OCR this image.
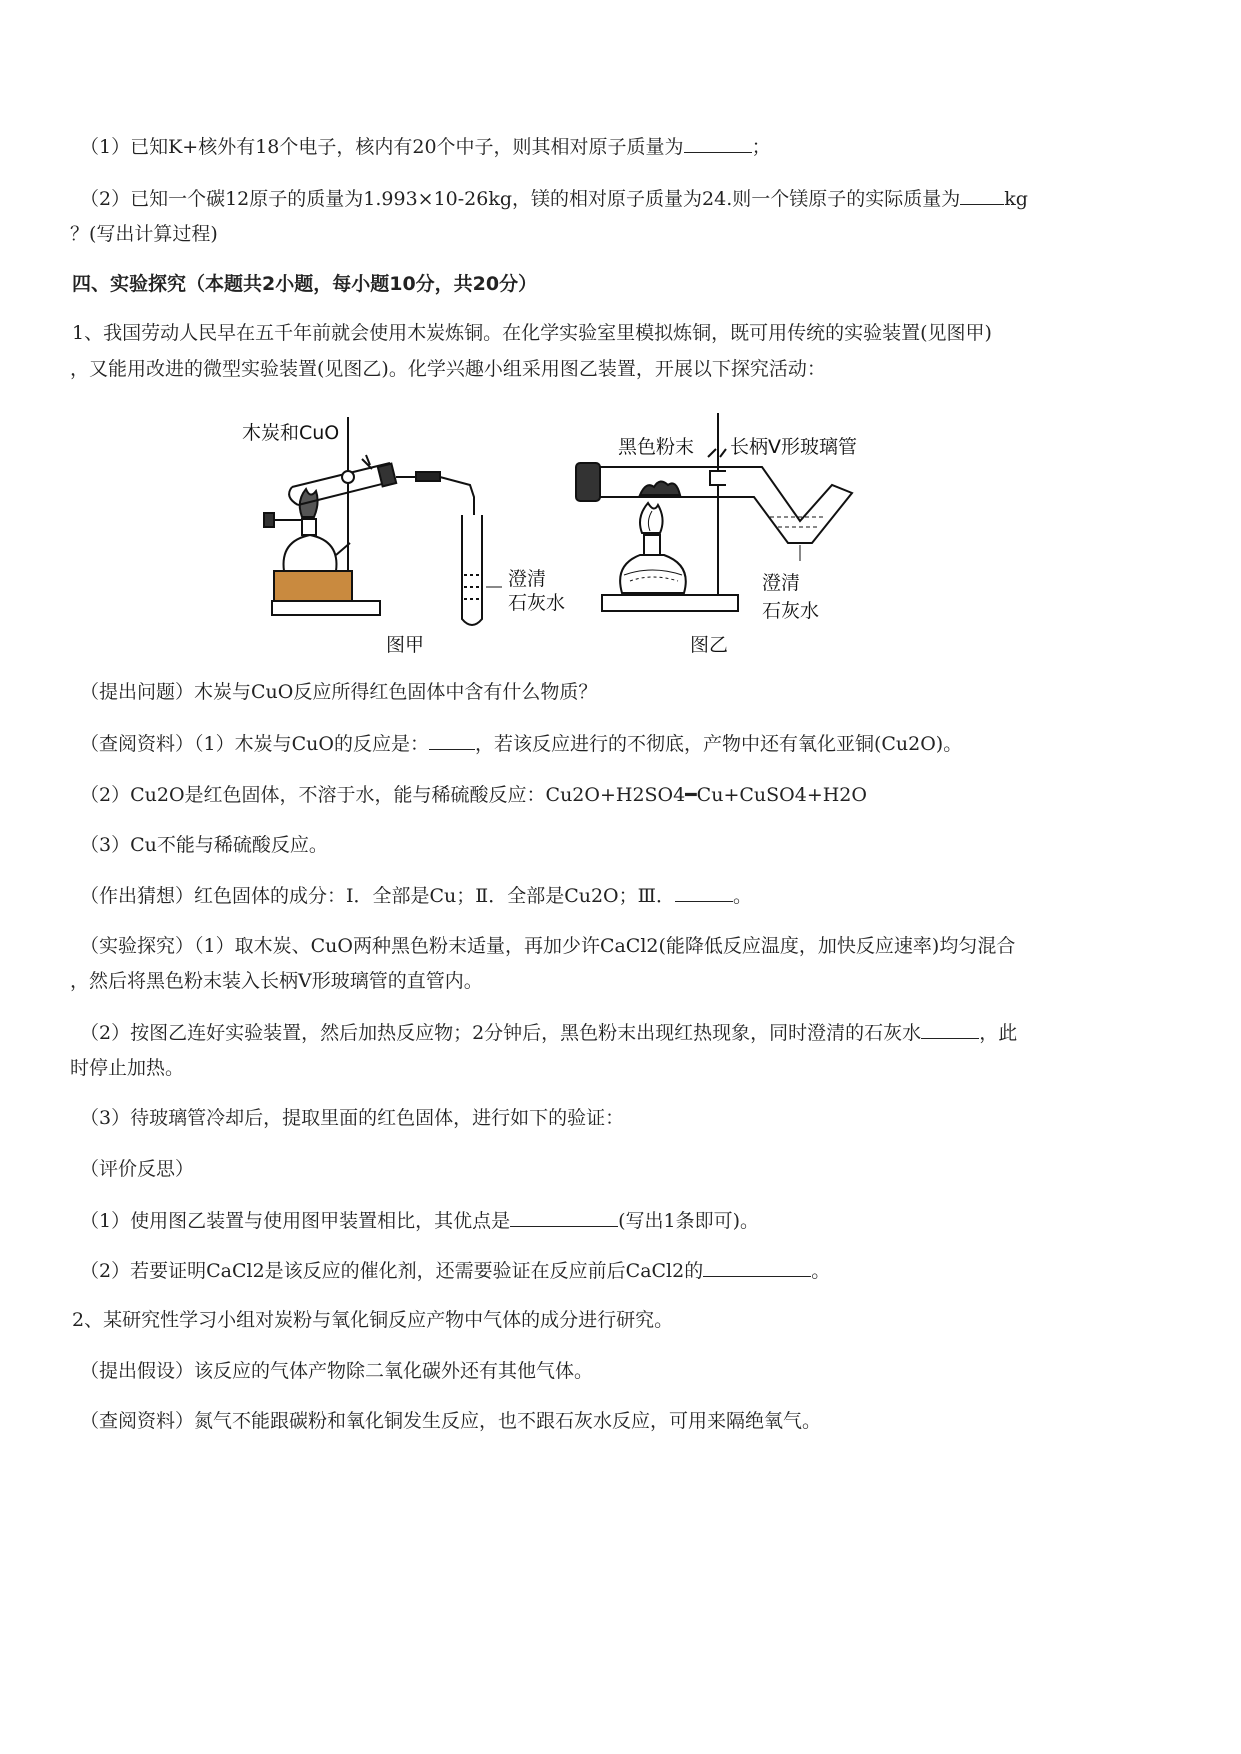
（1）已知K+核外有18个电子，核内有20个中子，则其相对原子质量为	；
（2）已知一个碳12原子的质量为1.993×10-26kg，镁的相对原子质量为24.则一个镁原子的实际质量为 kg
？(写出计算过程)
四、实验探究（本题共2小题，每小题10分，共20分）
1、我国劳动人民早在五千年前就会使用木炭炼铜。在化学实验室里模拟炼铜，既可用传统的实验装置(见图甲)
，又能用改进的微型实验装置(见图乙)。化学兴趣小组采用图乙装置，开展以下探究活动：
木炭和CuO
澄清
石灰水
图甲
黑色粉末 长柄V形玻璃管
澄清
石灰水
图乙
（提出问题）木炭与CuO反应所得红色固体中含有什么物质？
（查阅资料）（1）木炭与CuO的反应是： ，若该反应进行的不彻底，产物中还有氧化亚铜(Cu2O)。
（2）Cu2O是红色固体，不溶于水，能与稀硫酸反应：Cu2O+H2SO4━Cu+CuSO4+H2O
（3）Cu不能与稀硫酸反应。
（作出猜想）红色固体的成分：Ⅰ．全部是Cu；Ⅱ．全部是Cu2O；Ⅲ．	。
（实验探究）（1）取木炭、CuO两种黑色粉末适量，再加少许CaCl2(能降低反应温度，加快反应速率)均匀混合
，然后将黑色粉末装入长柄V形玻璃管的直管内。
（2）按图乙连好实验装置，然后加热反应物；2分钟后，黑色粉末出现红热现象，同时澄清的石灰水	，此
时停止加热。
（3）待玻璃管冷却后，提取里面的红色固体，进行如下的验证：
（评价反思）
（1）使用图乙装置与使用图甲装置相比，其优点是	(写出1条即可)。
（2）若要证明CaCl2是该反应的催化剂，还需要验证在反应前后CaCl2的	。
2、某研究性学习小组对炭粉与氧化铜反应产物中气体的成分进行研究。
（提出假设）该反应的气体产物除二氧化碳外还有其他气体。
（查阅资料）氮气不能跟碳粉和氧化铜发生反应，也不跟石灰水反应，可用来隔绝氧气。
